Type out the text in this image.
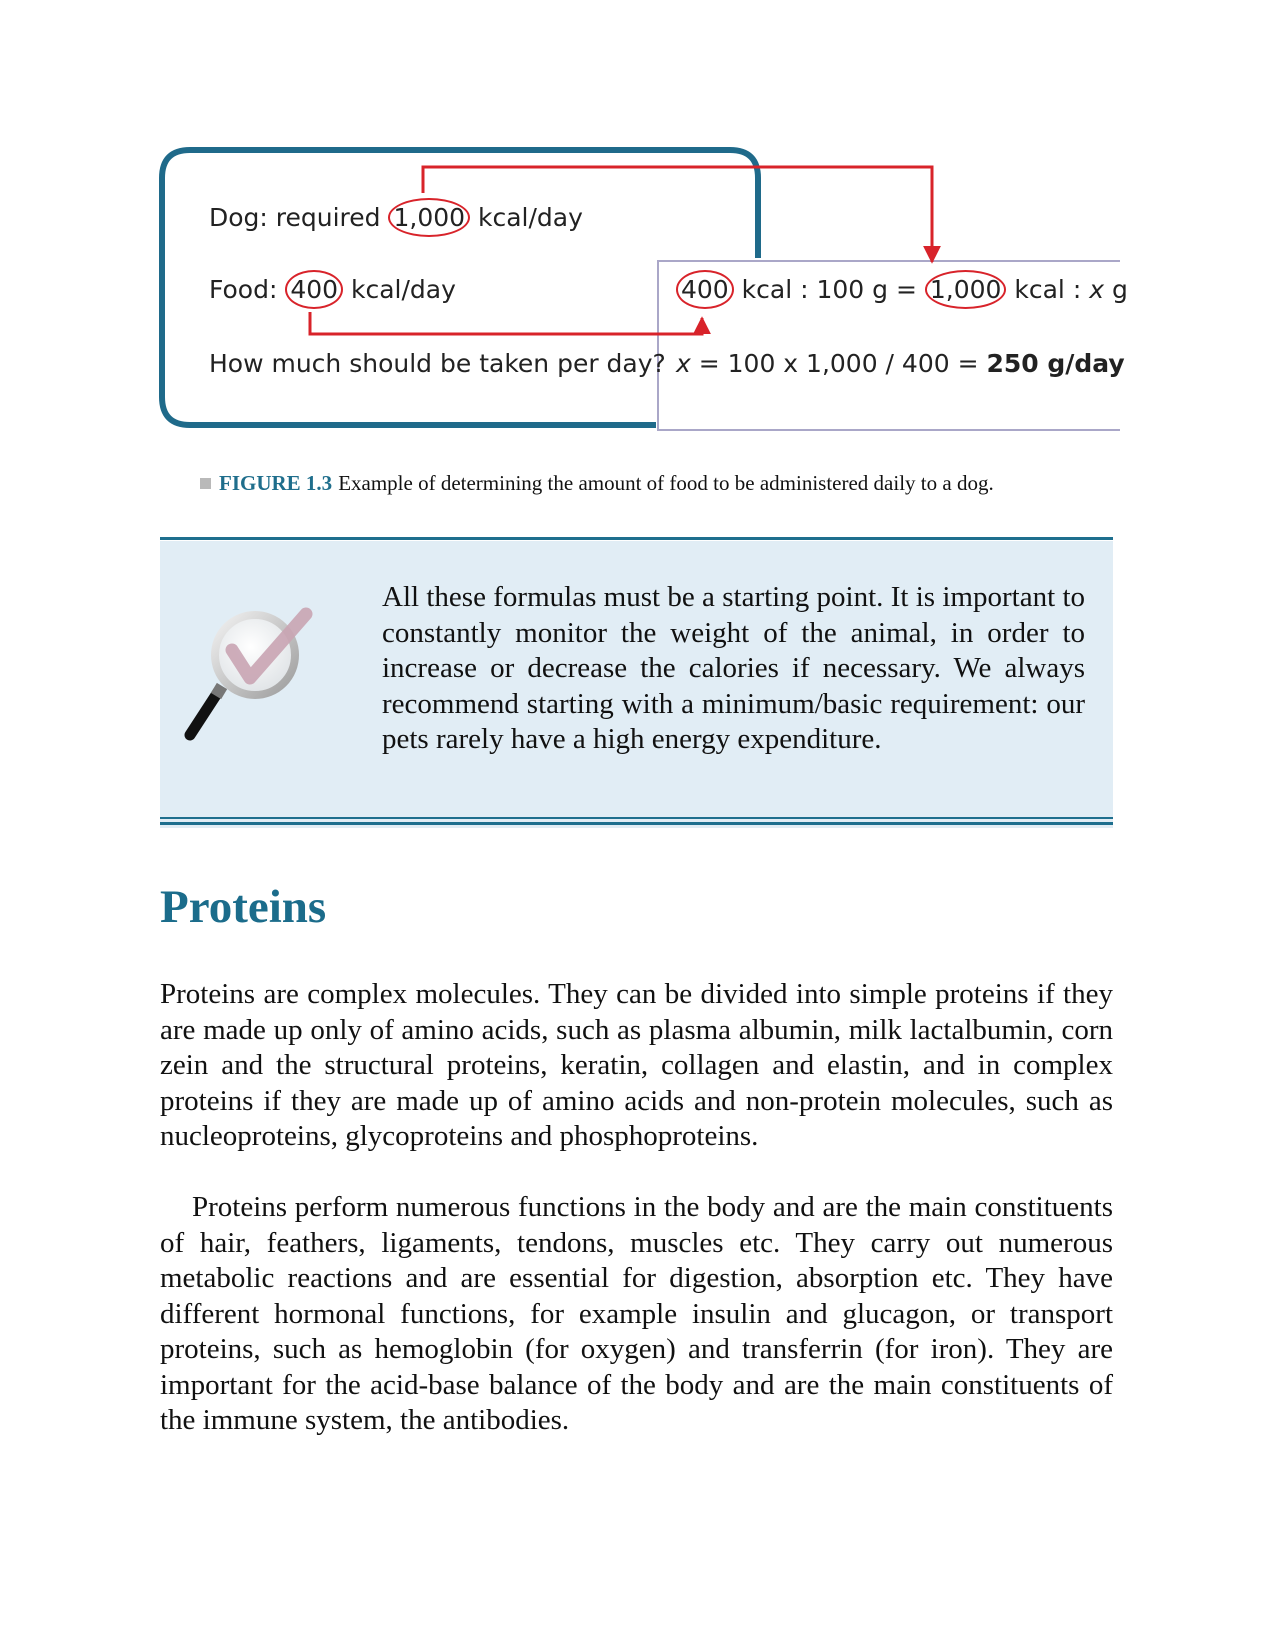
Dog: required 1,000 kcal/day
Food: 400 kcal/day
How much should be taken per day?
400 kcal : 100 g = 1,000 kcal : x g
x = 100 x 1,000 / 400 = 250 g/day
FIGURE 1.3 Example of determining the amount of food to be administered daily to a dog.
All these formulas must be a starting point. It is important to constantly monitor the weight of the animal, in order to increase or decrease the calories if necessary. We always recommend starting with a minimum/basic requirement: our pets rarely have a high energy expenditure.
Proteins

Proteins are complex molecules. They can be divided into simple proteins if they are made up only of amino acids, such as plasma albumin, milk lactalbumin, corn zein and the structural proteins, keratin, collagen and elastin, and in complex proteins if they are made up of amino acids and non-protein molecules, such as nucleoproteins, glycoproteins and phosphoproteins.

Proteins perform numerous functions in the body and are the main constituents of hair, feathers, ligaments, tendons, muscles etc. They carry out numerous metabolic reactions and are essential for digestion, absorption etc. They have different hormonal functions, for example insulin and glucagon, or transport proteins, such as hemoglobin (for oxygen) and transferrin (for iron). They are important for the acid-base balance of the body and are the main constituents of the immune system, the antibodies.
